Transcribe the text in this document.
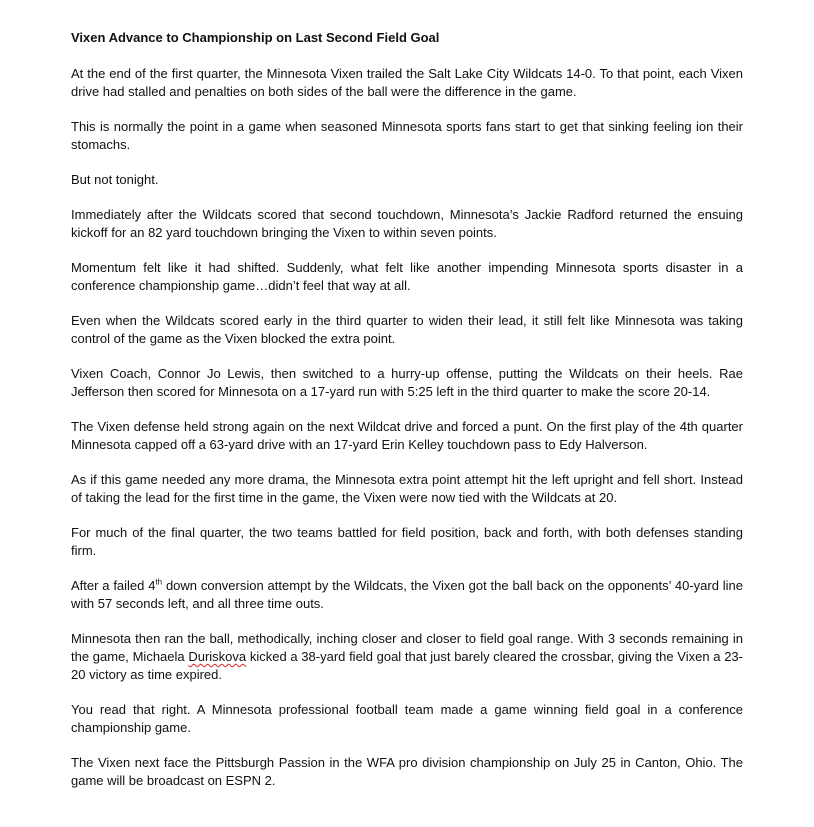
Vixen Advance to Championship on Last Second Field Goal

At the end of the first quarter, the Minnesota Vixen trailed the Salt Lake City Wildcats 14-0. To that point, each Vixen drive had stalled and penalties on both sides of the ball were the difference in the game.

This is normally the point in a game when seasoned Minnesota sports fans start to get that sinking feeling ion their stomachs.

But not tonight.

Immediately after the Wildcats scored that second touchdown, Minnesota’s Jackie Radford returned the ensuing kickoff for an 82 yard touchdown bringing the Vixen to within seven points.

Momentum felt like it had shifted. Suddenly, what felt like another impending Minnesota sports disaster in a conference championship game…didn’t feel that way at all.

Even when the Wildcats scored early in the third quarter to widen their lead, it still felt like Minnesota was taking control of the game as the Vixen blocked the extra point.

Vixen Coach, Connor Jo Lewis, then switched to a hurry-up offense, putting the Wildcats on their heels. Rae Jefferson then scored for Minnesota on a 17-yard run with 5:25 left in the third quarter to make the score 20-14.

The Vixen defense held strong again on the next Wildcat drive and forced a punt. On the first play of the 4th quarter Minnesota capped off a 63-yard drive with an 17-yard Erin Kelley touchdown pass to Edy Halverson.

As if this game needed any more drama, the Minnesota extra point attempt hit the left upright and fell short. Instead of taking the lead for the first time in the game, the Vixen were now tied with the Wildcats at 20.

For much of the final quarter, the two teams battled for field position, back and forth, with both defenses standing firm.

After a failed 4th down conversion attempt by the Wildcats, the Vixen got the ball back on the opponents’ 40-yard line with 57 seconds left, and all three time outs.

Minnesota then ran the ball, methodically, inching closer and closer to field goal range. With 3 seconds remaining in the game, Michaela Duriskova kicked a 38-yard field goal that just barely cleared the crossbar, giving the Vixen a 23-20 victory as time expired.

You read that right. A Minnesota professional football team made a game winning field goal in a conference championship game.

The Vixen next face the Pittsburgh Passion in the WFA pro division championship on July 25 in Canton, Ohio. The game will be broadcast on ESPN 2.
